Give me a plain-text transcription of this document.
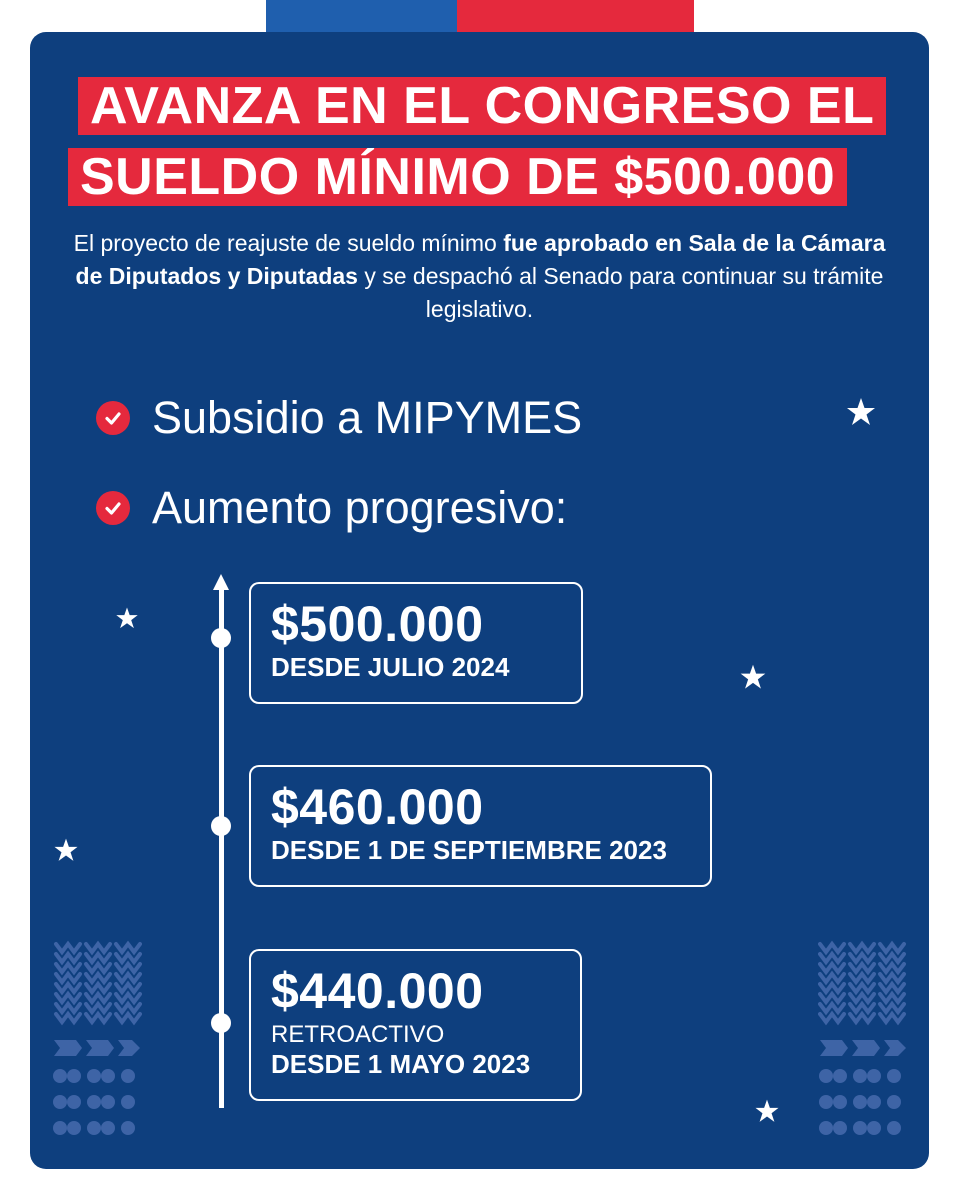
AVANZA EN EL CONGRESO EL
SUELDO MÍNIMO DE $500.000
El proyecto de reajuste de sueldo mínimo fue aprobado en Sala de la Cámara de Diputados y Diputadas y se despachó al Senado para continuar su trámite legislativo.
Subsidio a MIPYMES
Aumento progresivo:
$500.000
DESDE JULIO 2024
$460.000
DESDE 1 DE SEPTIEMBRE 2023
$440.000
RETROACTIVO
DESDE 1 MAYO 2023
